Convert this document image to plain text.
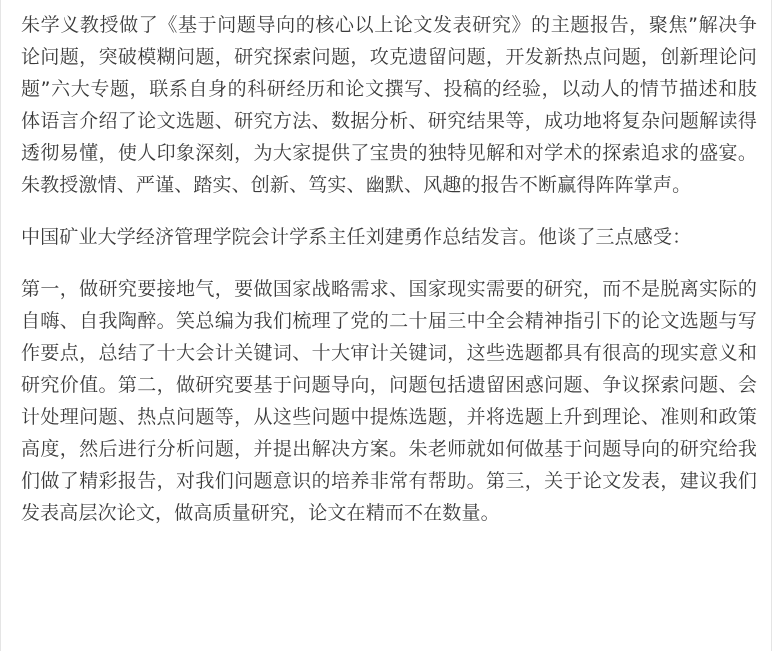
朱学义教授做了《基于问题导向的核心以上论文发表研究》的主题报告，聚焦”解决争论问题，突破模糊问题，研究探索问题，攻克遗留问题，开发新热点问题，创新理论问题”六大专题，联系自身的科研经历和论文撰写、投稿的经验，以动人的情节描述和肢体语言介绍了论文选题、研究方法、数据分析、研究结果等，成功地将复杂问题解读得透彻易懂，使人印象深刻，为大家提供了宝贵的独特见解和对学术的探索追求的盛宴。朱教授激情、严谨、踏实、创新、笃实、幽默、风趣的报告不断赢得阵阵掌声。

中国矿业大学经济管理学院会计学系主任刘建勇作总结发言。他谈了三点感受：

第一，做研究要接地气，要做国家战略需求、国家现实需要的研究，而不是脱离实际的自嗨、自我陶醉。笑总编为我们梳理了党的二十届三中全会精神指引下的论文选题与写作要点，总结了十大会计关键词、十大审计关键词，这些选题都具有很高的现实意义和研究价值。第二，做研究要基于问题导向，问题包括遗留困惑问题、争议探索问题、会计处理问题、热点问题等，从这些问题中提炼选题，并将选题上升到理论、准则和政策高度，然后进行分析问题，并提出解决方案。朱老师就如何做基于问题导向的研究给我们做了精彩报告，对我们问题意识的培养非常有帮助。第三，关于论文发表，建议我们发表高层次论文，做高质量研究，论文在精而不在数量。
